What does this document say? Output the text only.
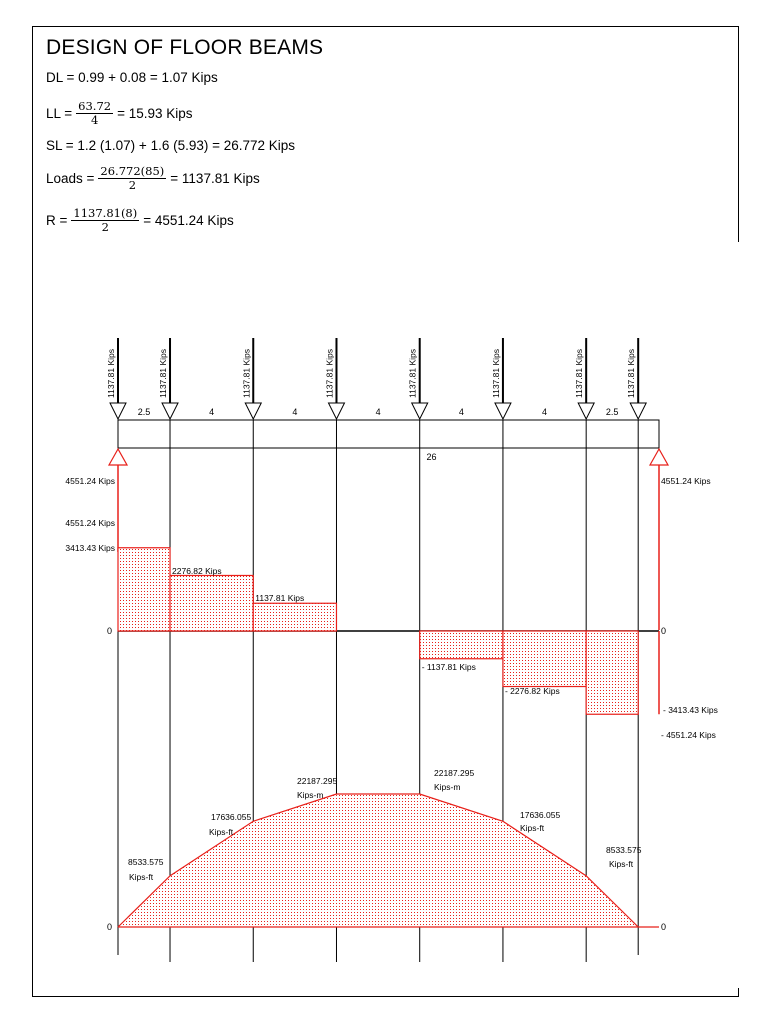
DESIGN OF FLOOR BEAMS
DL = 0.99 + 0.08 = 1.07 Kips
LL = $\frac{63.72}{4} = 15.93$ Kips
SL = 1.2 (1.07) + 1.6 (5.93) = 26.772 Kips
Loads = $\frac{26.772(85)}{2} = 1137.81$ Kips
$R = \frac{1137.81(8)}{2} = 4551.24$ Kips
1137.81 Kips	1137.81 Kips	1137.81 Kips	1137.81 Kips	1137.81 Kips	1137.81 Kips	1137.81 Kips	1137.81 Kips
2.5	4	4	4	4	4	2.5
26
4551.24 Kips	4551.24 Kips
4551.24 Kips
3413.43 Kips
2276.82 Kips
1137.81 Kips
- 1137.81 Kips
- 2276.82 Kips
- 3413.43 Kips
- 4551.24 Kips
0	0
8533.575
Kips-ft
17636.055
Kips-ft
22187.295
Kips-m
22187.295
Kips-m
17636.055
Kips-ft
8533.575
Kips-ft
0	0
